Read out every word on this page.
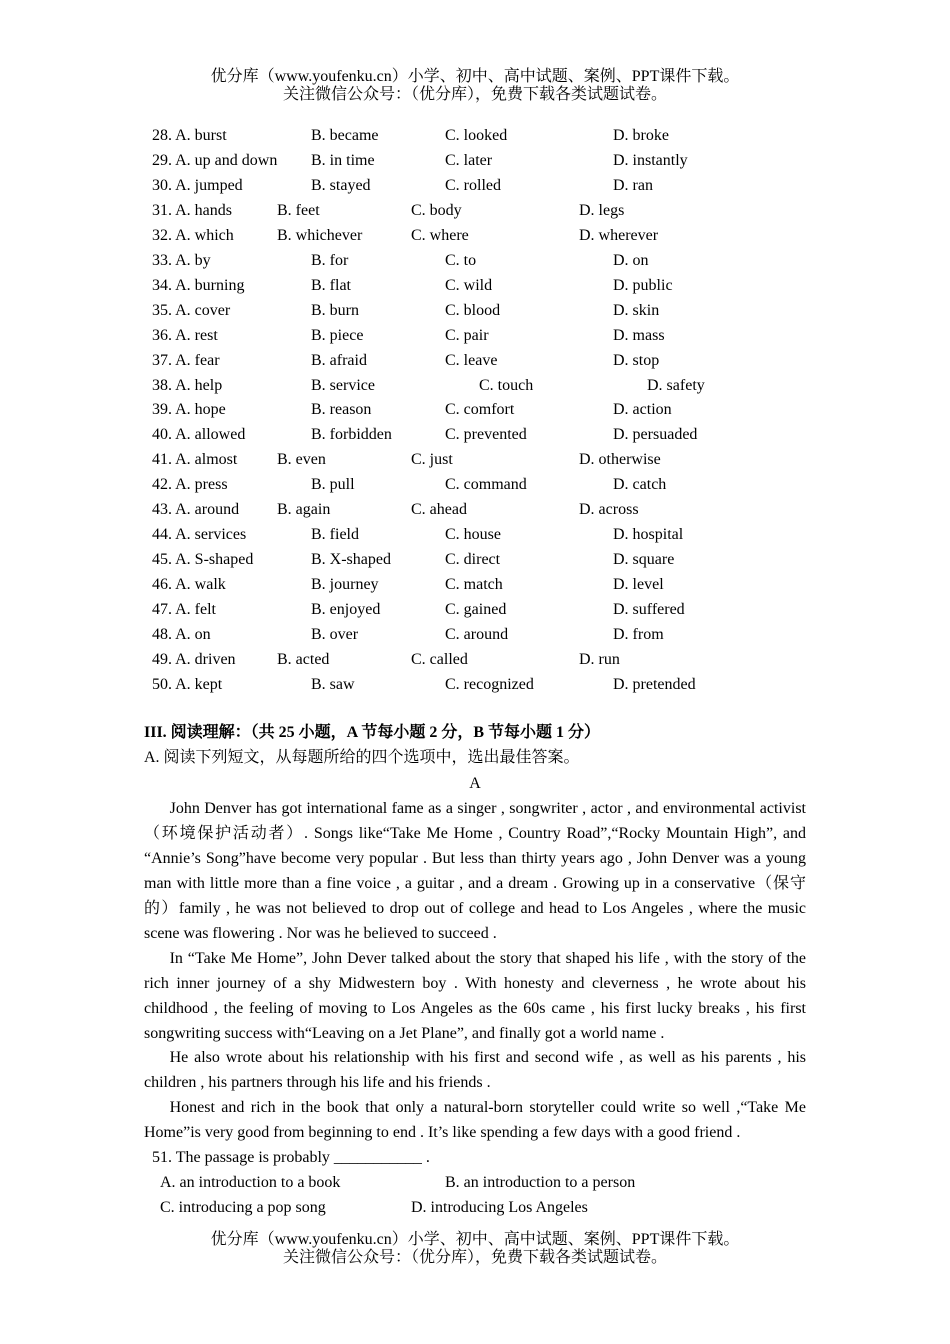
优分库（www.youfenku.cn）小学、初中、高中试题、案例、PPT课件下载。
关注微信公众号：（优分库），免费下载各类试题试卷。
28. A. burst	B. became	C. looked	D. broke
29. A. up and down B. in time	C. later	D. instantly
30. A. jumped	B. stayed	C. rolled	D. ran
31. A. hands	B. feet	C. body	D. legs
32. A. which	B. whichever	C. where	D. wherever
33. A. by	B. for	C. to	D. on
34. A. burning	B. flat	C. wild	D. public
35. A. cover	B. burn	C. blood	D. skin
36. A. rest	B. piece	C. pair	D. mass
37. A. fear	B. afraid	C. leave	D. stop
38. A. help	B. service	C. touch	D. safety
39. A. hope	B. reason	C. comfort	D. action
40. A. allowed	B. forbidden	C. prevented	D. persuaded
41. A. almost B. even	C. just	D. otherwise
42. A. press	B. pull	C. command	D. catch
43. A. around B. again	C. ahead	D. across
44. A. services	B. field	C. house	D. hospital
45. A. S-shaped	B. X-shaped	C. direct	D. square
46. A. walk	B. journey	C. match	D. level
47. A. felt	B. enjoyed	C. gained	D. suffered
48. A. on	B. over	C. around	D. from
49. A. driven	B. acted	C. called	D. run
50. A. kept	B. saw	C. recognized	D. pretended
III. 阅读理解：（共 25 小题，A 节每小题 2 分，B 节每小题 1 分）
A. 阅读下列短文，从每题所给的四个选项中，选出最佳答案。
A
John Denver has got international fame as a singer , songwriter , actor , and environmental activist（环境保护活动者）. Songs like“Take Me Home , Country Road”,“Rocky Mountain High”, and “Annie’s Song”have become very popular . But less than thirty years ago , John Denver was a young man with little more than a fine voice , a guitar , and a dream . Growing up in a conservative（保守的）family , he was not believed to drop out of college and head to Los Angeles , where the music scene was flowering . Nor was he believed to succeed .
In “Take Me Home”, John Dever talked about the story that shaped his life , with the story of the rich inner journey of a shy Midwestern boy . With honesty and cleverness , he wrote about his childhood , the feeling of moving to Los Angeles as the 60s came , his first lucky breaks , his first songwriting success with“Leaving on a Jet Plane”, and finally got a world name .
He also wrote about his relationship with his first and second wife , as well as his parents , his children , his partners through his life and his friends .
Honest and rich in the book that only a natural-born storyteller could write so well ,“Take Me Home”is very good from beginning to end . It’s like spending a few days with a good friend .
51. The passage is probably ___________ .
A. an introduction to a book	B. an introduction to a person
C. introducing a pop song	D. introducing Los Angeles
优分库（www.youfenku.cn）小学、初中、高中试题、案例、PPT课件下载。
关注微信公众号：（优分库），免费下载各类试题试卷。
